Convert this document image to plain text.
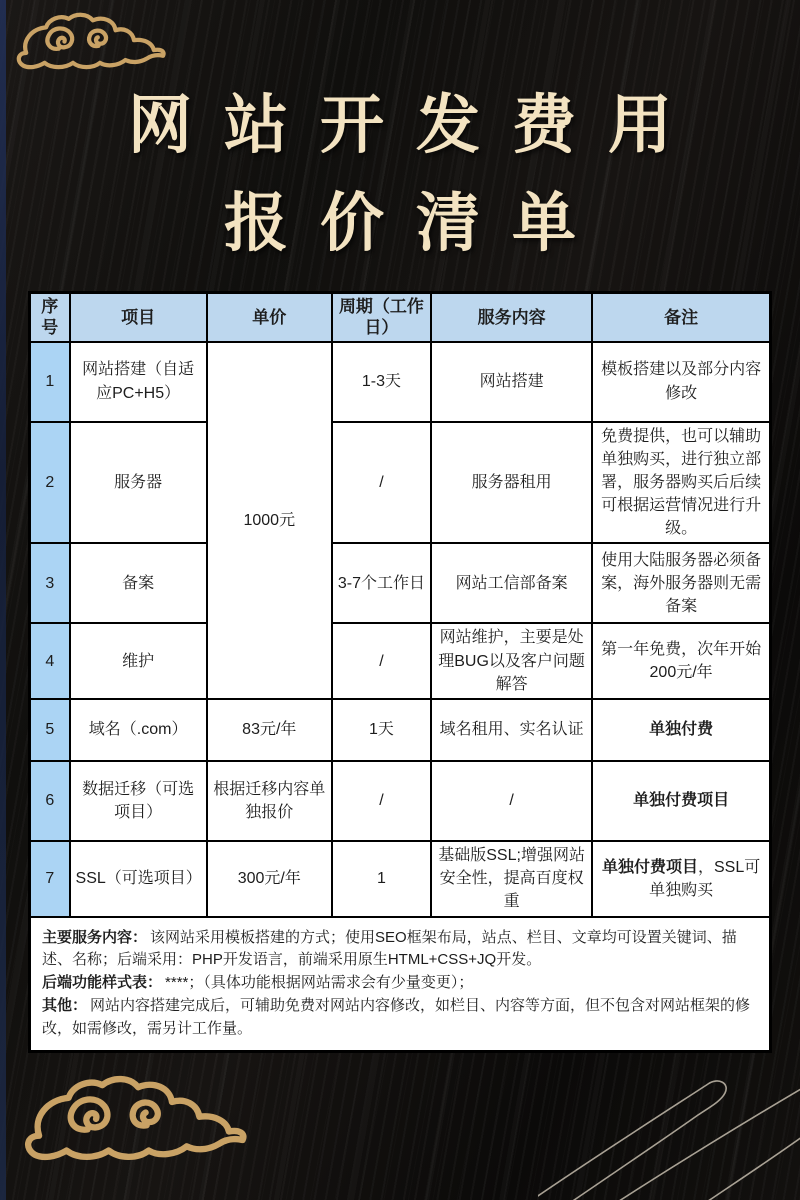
网站开发费用
报价清单
序号	项目	单价	周期（工作日）	服务内容	备注
1	网站搭建（自适应PC+H5）	1000元	1-3天	网站搭建	模板搭建以及部分内容修改
2	服务器		/	服务器租用	免费提供，也可以辅助单独购买，进行独立部署，服务器购买后后续可根据运营情况进行升级。
3	备案		3-7个工作日	网站工信部备案	使用大陆服务器必须备案，海外服务器则无需备案
4	维护		/	网站维护，主要是处理BUG以及客户问题解答	第一年免费，次年开始200元/年
5	域名（.com）	83元/年	1天	域名租用、实名认证	单独付费
6	数据迁移（可选项目）	根据迁移内容单独报价	/	/	单独付费项目
7	SSL（可选项目）	300元/年	1	基础版SSL;增强网站安全性，提高百度权重	单独付费项目，SSL可单独购买

主要服务内容： 该网站采用模板搭建的方式；使用SEO框架布局，站点、栏目、文章均可设置关键词、描述、名称；后端采用：PHP开发语言，前端采用原生HTML+CSS+JQ开发。

后端功能样式表： ****；（具体功能根据网站需求会有少量变更）；

其他： 网站内容搭建完成后，可辅助免费对网站内容修改，如栏目、内容等方面，但不包含对网站框架的修改，如需修改，需另计工作量。					
